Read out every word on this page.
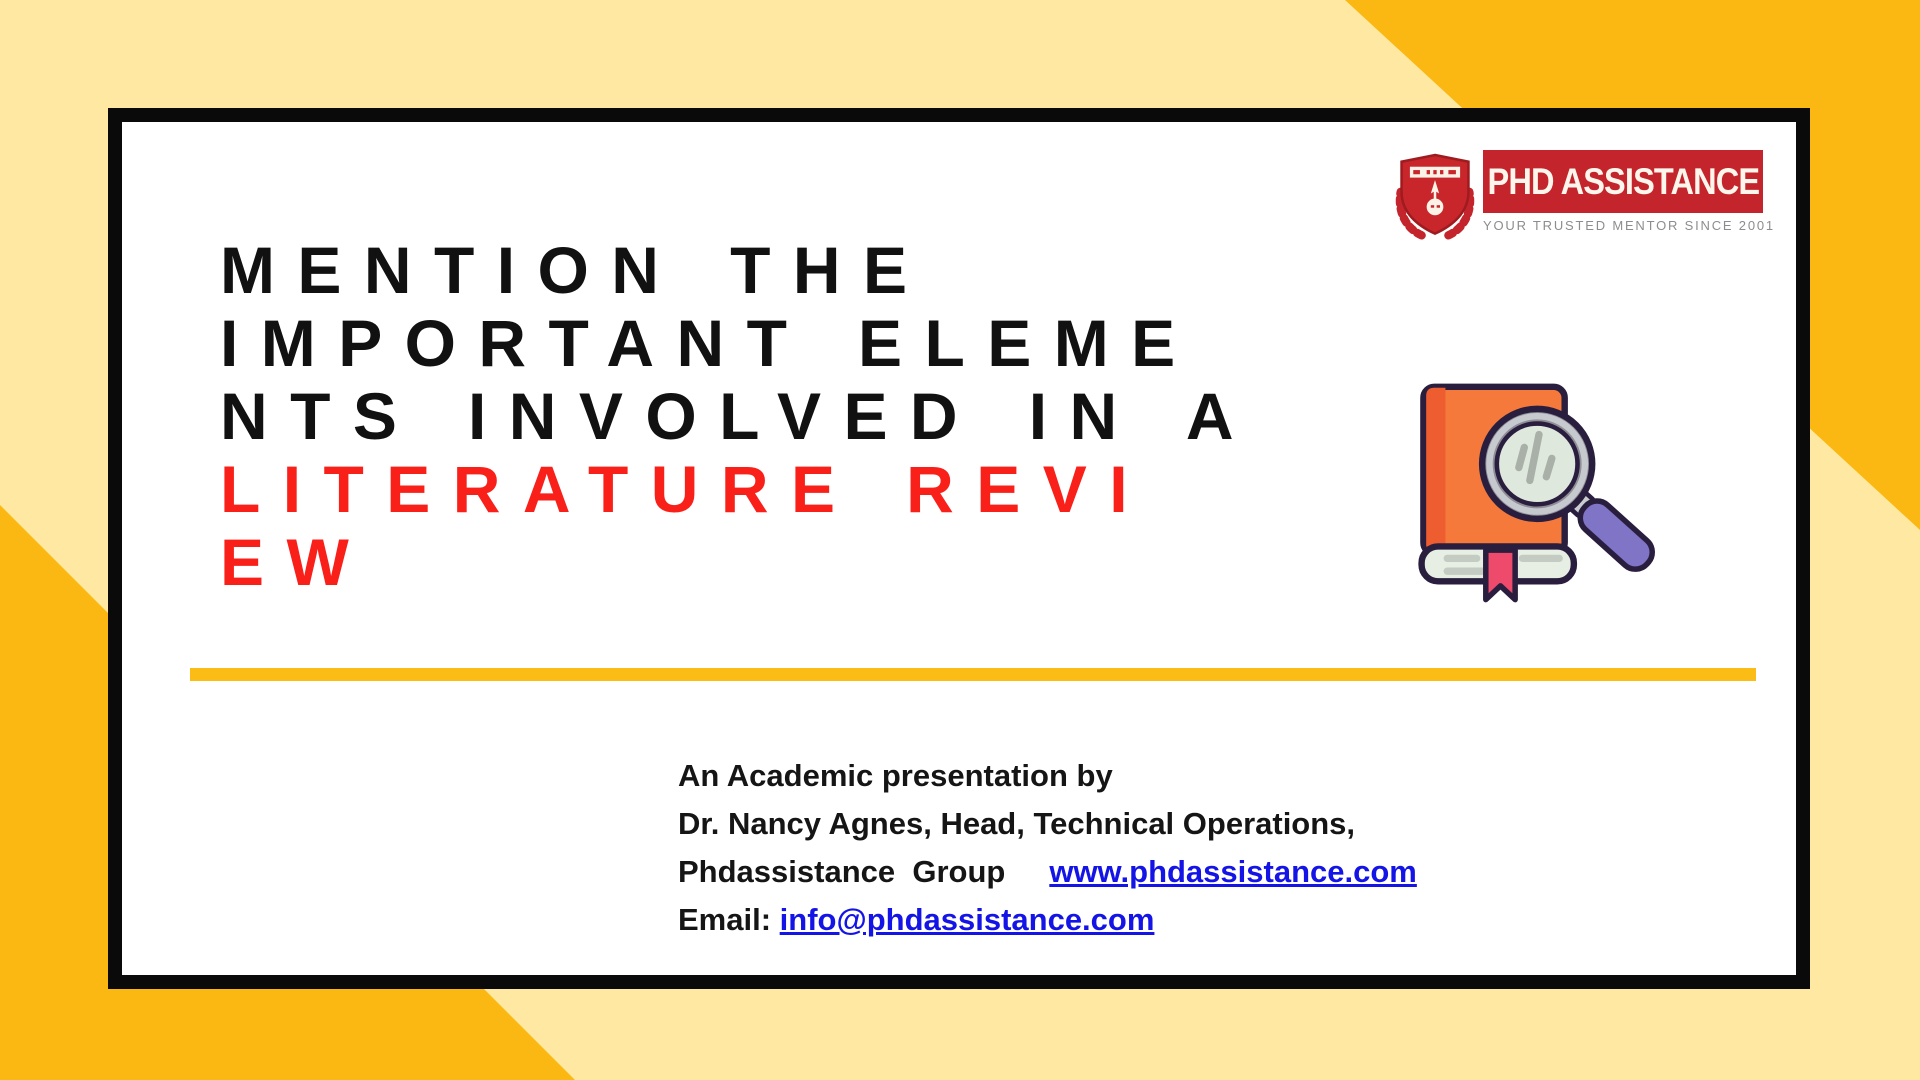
PHD ASSISTANCE
YOUR TRUSTED MENTOR SINCE 2001
MENTION THE
IMPORTANT ELEME
NTS INVOLVED IN A
LITERATURE REVI
EW
An Academic presentation by
Dr. Nancy Agnes, Head, Technical Operations,
Phdassistance  Group www.phdassistance.com
Email: info@phdassistance.com
